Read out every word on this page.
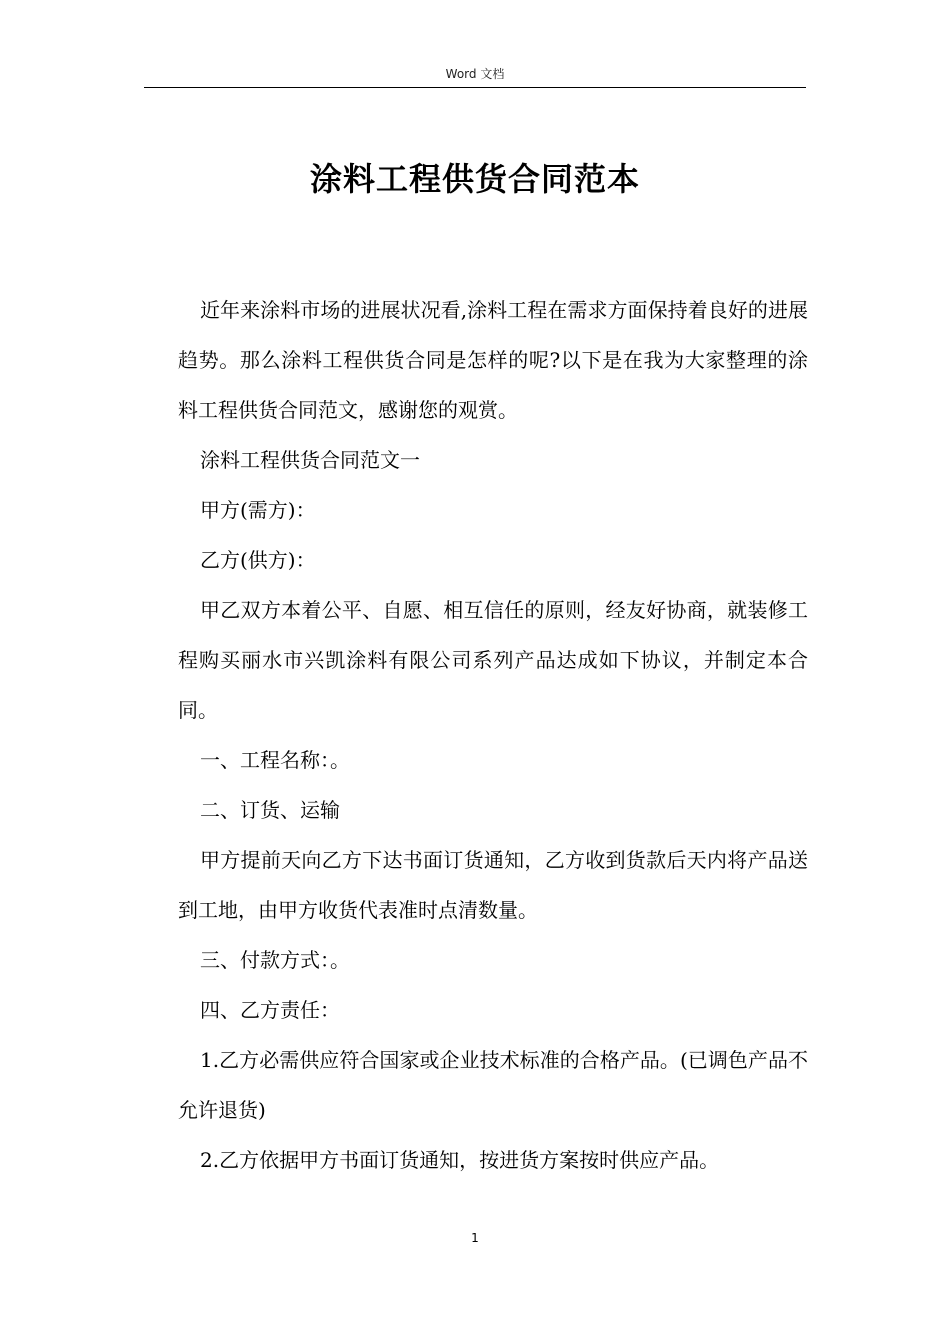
Word 文档
涂料工程供货合同范本

近年来涂料市场的进展状况看,涂料工程在需求方面保持着良好的进展趋势。那么涂料工程供货合同是怎样的呢?以下是在我为大家整理的涂料工程供货合同范文，感谢您的观赏。

涂料工程供货合同范文一

甲方(需方)：

乙方(供方)：

甲乙双方本着公平、自愿、相互信任的原则，经友好协商，就装修工程购买丽水市兴凯涂料有限公司系列产品达成如下协议，并制定本合同。

一、工程名称：。

二、订货、运输

甲方提前天向乙方下达书面订货通知，乙方收到货款后天内将产品送到工地，由甲方收货代表准时点清数量。

三、付款方式：。

四、乙方责任：

1.乙方必需供应符合国家或企业技术标准的合格产品。(已调色产品不允许退货)

2.乙方依据甲方书面订货通知，按进货方案按时供应产品。

1
